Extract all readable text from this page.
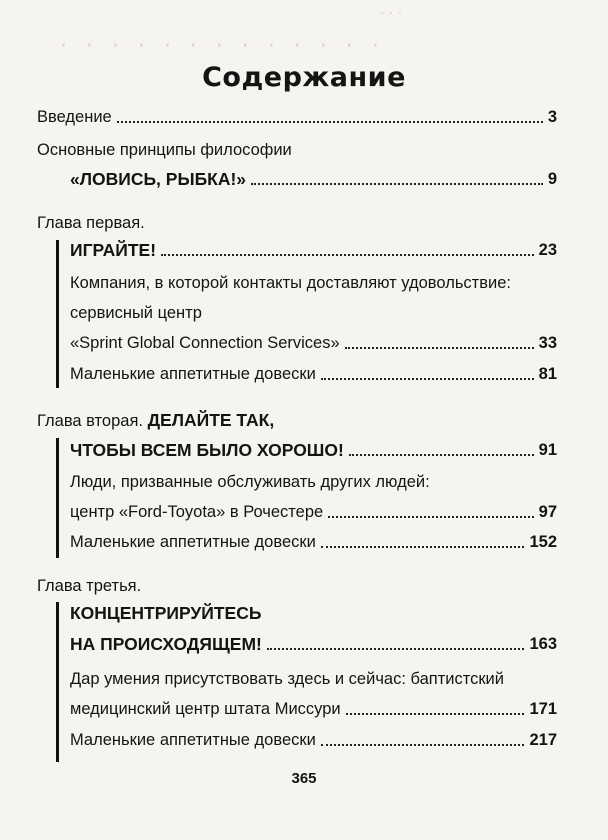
· · ·
· · · · · · · · · · · · ·
Содержание
Введение	3
Основные принципы философии
«ЛОВИСЬ, РЫБКА!»	9
Глава первая.
ИГРАЙТЕ!	23
Компания, в которой контакты доставляют удовольствие:
сервисный центр
«Sprint Global Connection Services»	33
Маленькие аппетитные довески	81
Глава вторая. ДЕЛАЙТЕ ТАК,
ЧТОБЫ ВСЕМ БЫЛО ХОРОШО!	91
Люди, призванные обслуживать других людей:
центр «Ford-Toyota» в Рочестере	97
Маленькие аппетитные довески	152
Глава третья.
КОНЦЕНТРИРУЙТЕСЬ
НА ПРОИСХОДЯЩЕМ!	163
Дар умения присутствовать здесь и сейчас: баптистский
медицинский центр штата Миссури	171
Маленькие аппетитные довески	217
365
